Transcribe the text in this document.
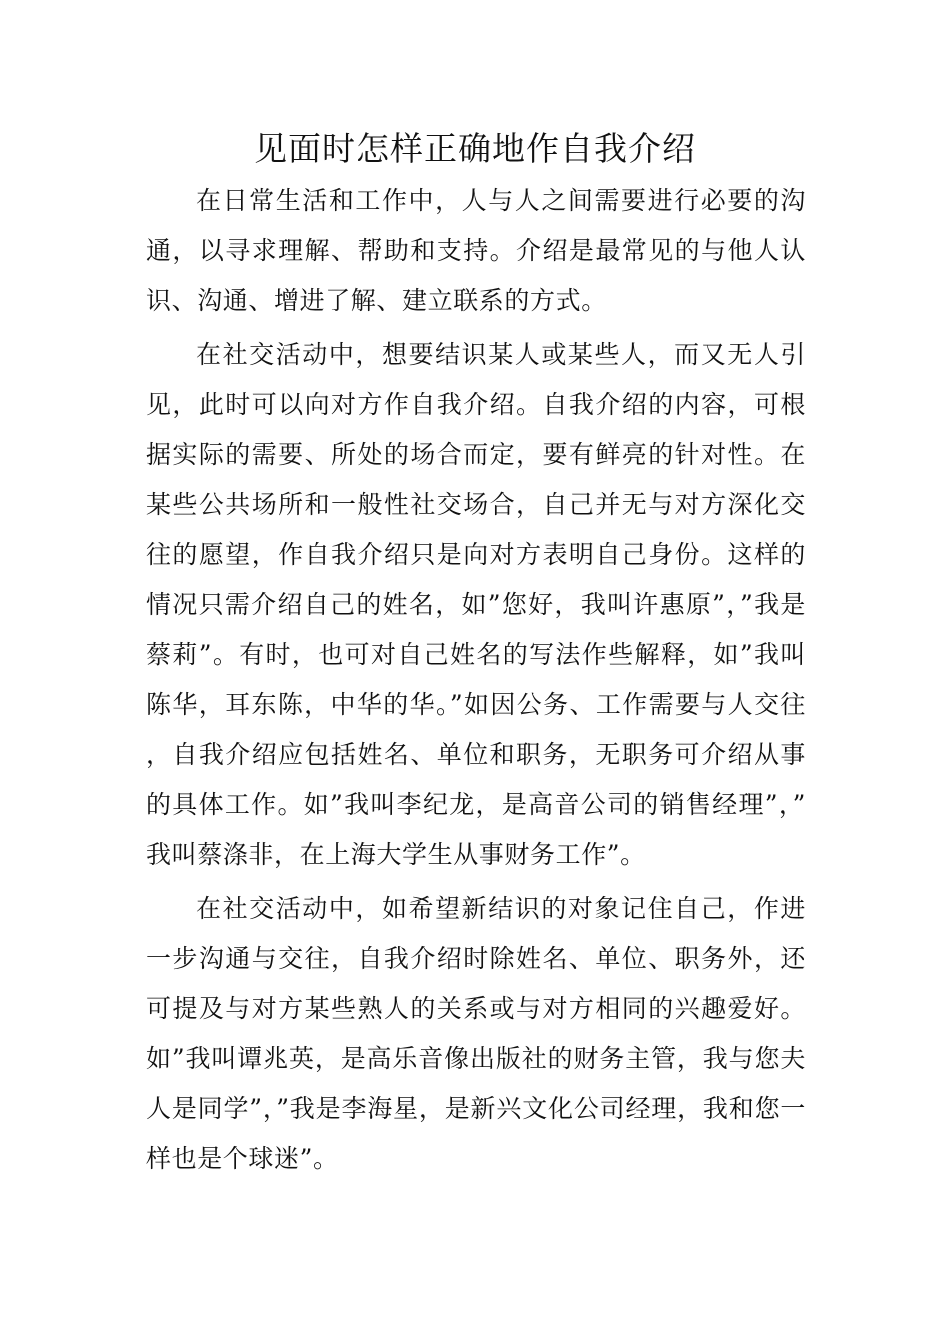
见面时怎样正确地作自我介绍

在日常生活和工作中，人与人之间需要进行必要的沟通，以寻求理解、帮助和支持。介绍是最常见的与他人认识、沟通、增进了解、建立联系的方式。

在社交活动中，想要结识某人或某些人，而又无人引见，此时可以向对方作自我介绍。自我介绍的内容，可根据实际的需要、所处的场合而定，要有鲜亮的针对性。在某些公共场所和一般性社交场合，自己并无与对方深化交往的愿望，作自我介绍只是向对方表明自己身份。这样的情况只需介绍自己的姓名，如”您好，我叫许惠原”，”我是蔡莉”。有时，也可对自己姓名的写法作些解释，如”我叫陈华，耳东陈，中华的华。”如因公务、工作需要与人交往，自我介绍应包括姓名、单位和职务，无职务可介绍从事的具体工作。如”我叫李纪龙，是高音公司的销售经理”，”我叫蔡涤非，在上海大学生从事财务工作”。

在社交活动中，如希望新结识的对象记住自己，作进一步沟通与交往，自我介绍时除姓名、单位、职务外，还可提及与对方某些熟人的关系或与对方相同的兴趣爱好。如”我叫谭兆英，是高乐音像出版社的财务主管，我与您夫人是同学”，”我是李海星，是新兴文化公司经理，我和您一样也是个球迷”。
